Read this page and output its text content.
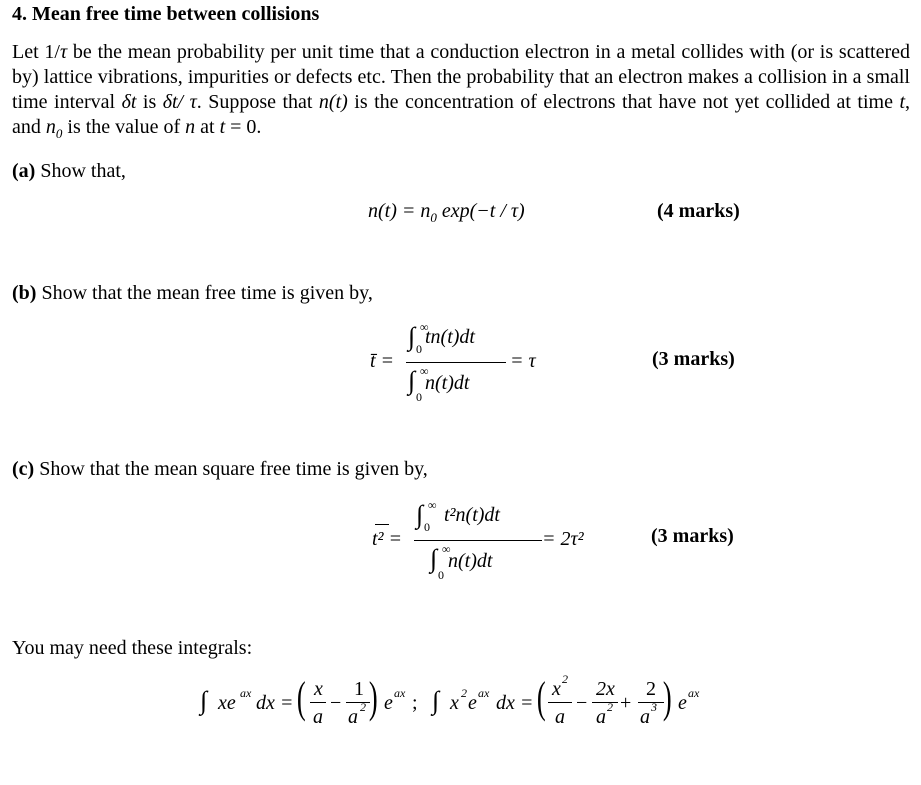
4. Mean free time between collisions
Let 1/τ be the mean probability per unit time that a conduction electron in a metal collides with (or is scattered by) lattice vibrations, impurities or defects etc. Then the probability that an electron makes a collision in a small time interval δt is δt/ τ. Suppose that n(t) is the concentration of electrons that have not yet collided at time t, and $n_0$ is the value of n at t = 0.
(a) Show that,
$n(t) = n_0$ exp(−t / τ)	(4 marks)
(b) Show that the mean free time is given by,
t̄ =
∫ ∞
0
tn(t)dt
∫ ∞
0
n(t)dt
= τ	(3 marks)
(c) Show that the mean square free time is given by,
t² =
∫ ∞
0
t²n(t)dt
∫ ∞
0
n(t)dt
= 2τ²	(3 marks)
You may need these integrals:
∫ xe ax dx = ( x
a
−
1
a 2 ) e ax ; ∫ x 2 e ax dx = ( x 2
a
−
2x
a 2 +
2
a 3 ) e ax
